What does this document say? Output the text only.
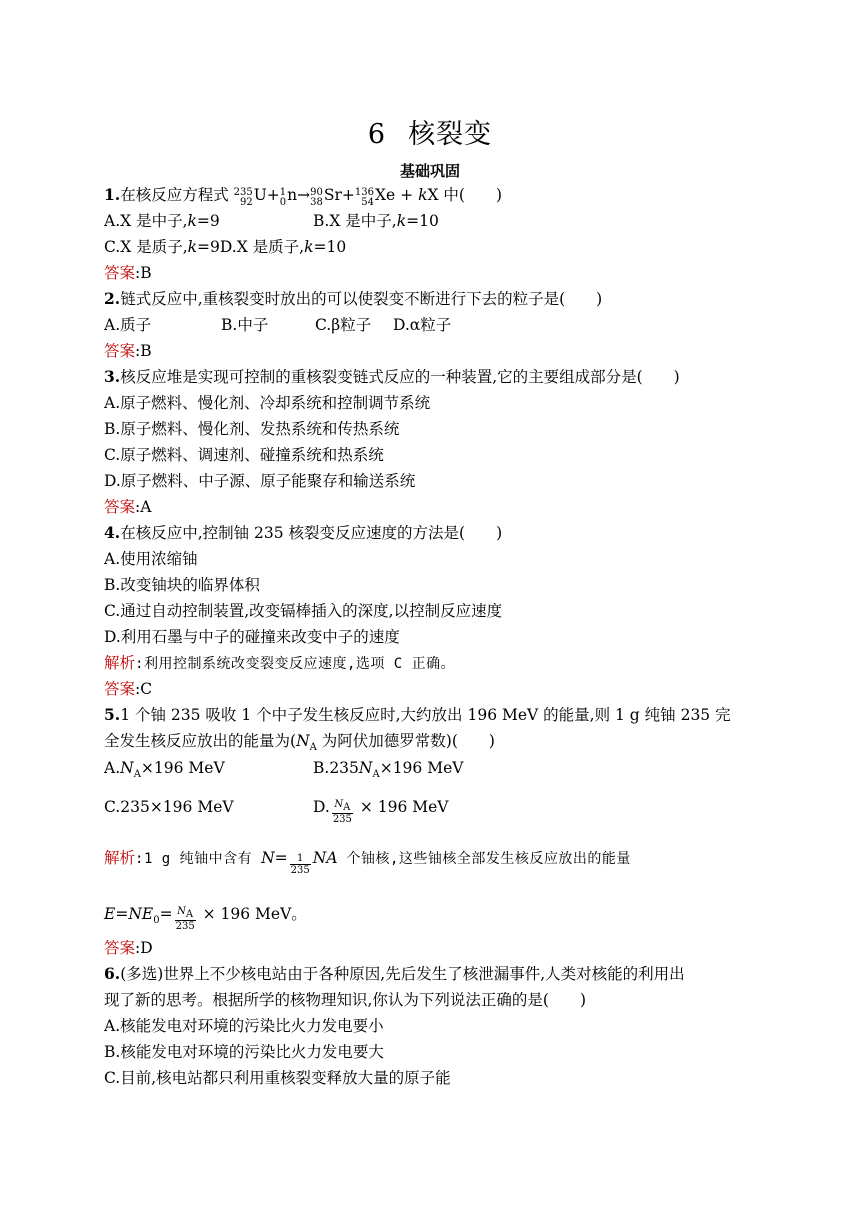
6 核裂变
基础巩固
1.在核反应方程式 235
92 U+ 1
0 n→ 90
38 Sr+ 136
54 Xe + kX 中(　　)
A.X 是中子,k=9	B.X 是中子,k=10
C.X 是质子,k=9D.X 是质子,k=10
答案:B
2.链式反应中,重核裂变时放出的可以使裂变不断进行下去的粒子是(　　)
A.质子	B.中子	C.β粒子 D.α粒子
答案:B
3.核反应堆是实现可控制的重核裂变链式反应的一种装置,它的主要组成部分是(　　)
A.原子燃料、慢化剂、冷却系统和控制调节系统
B.原子燃料、慢化剂、发热系统和传热系统
C.原子燃料、调速剂、碰撞系统和热系统
D.原子燃料、中子源、原子能聚存和输送系统
答案:A
4.在核反应中,控制铀 235 核裂变反应速度的方法是(　　)
A.使用浓缩铀
B.改变铀块的临界体积
C.通过自动控制装置,改变镉棒插入的深度,以控制反应速度
D.利用石墨与中子的碰撞来改变中子的速度
解析:利用控制系统改变裂变反应速度,选项 C 正确。
答案:C
5.1 个铀 235 吸收 1 个中子发生核反应时,大约放出 196 MeV 的能量,则 1 g 纯铀 235 完
全发生核反应放出的能量为($N_A$ 为阿伏加德罗常数)(　　)
$A.N_A\times 196$ MeV	$B.235N_A\times 196$ MeV
C.235×196 MeV	D. $\frac{N_A}{235} \times 196$ MeV
解析:1 g 纯铀中含有 $N= \frac{1}{235}$ NA 个铀核,这些铀核全部发生核反应放出的能量
$E=NE_0= \frac{N_A}{235} \times 196$ MeV。
答案:D
6.(多选)世界上不少核电站由于各种原因,先后发生了核泄漏事件,人类对核能的利用出
现了新的思考。根据所学的核物理知识,你认为下列说法正确的是(　　)
A.核能发电对环境的污染比火力发电要小
B.核能发电对环境的污染比火力发电要大
C.目前,核电站都只利用重核裂变释放大量的原子能
